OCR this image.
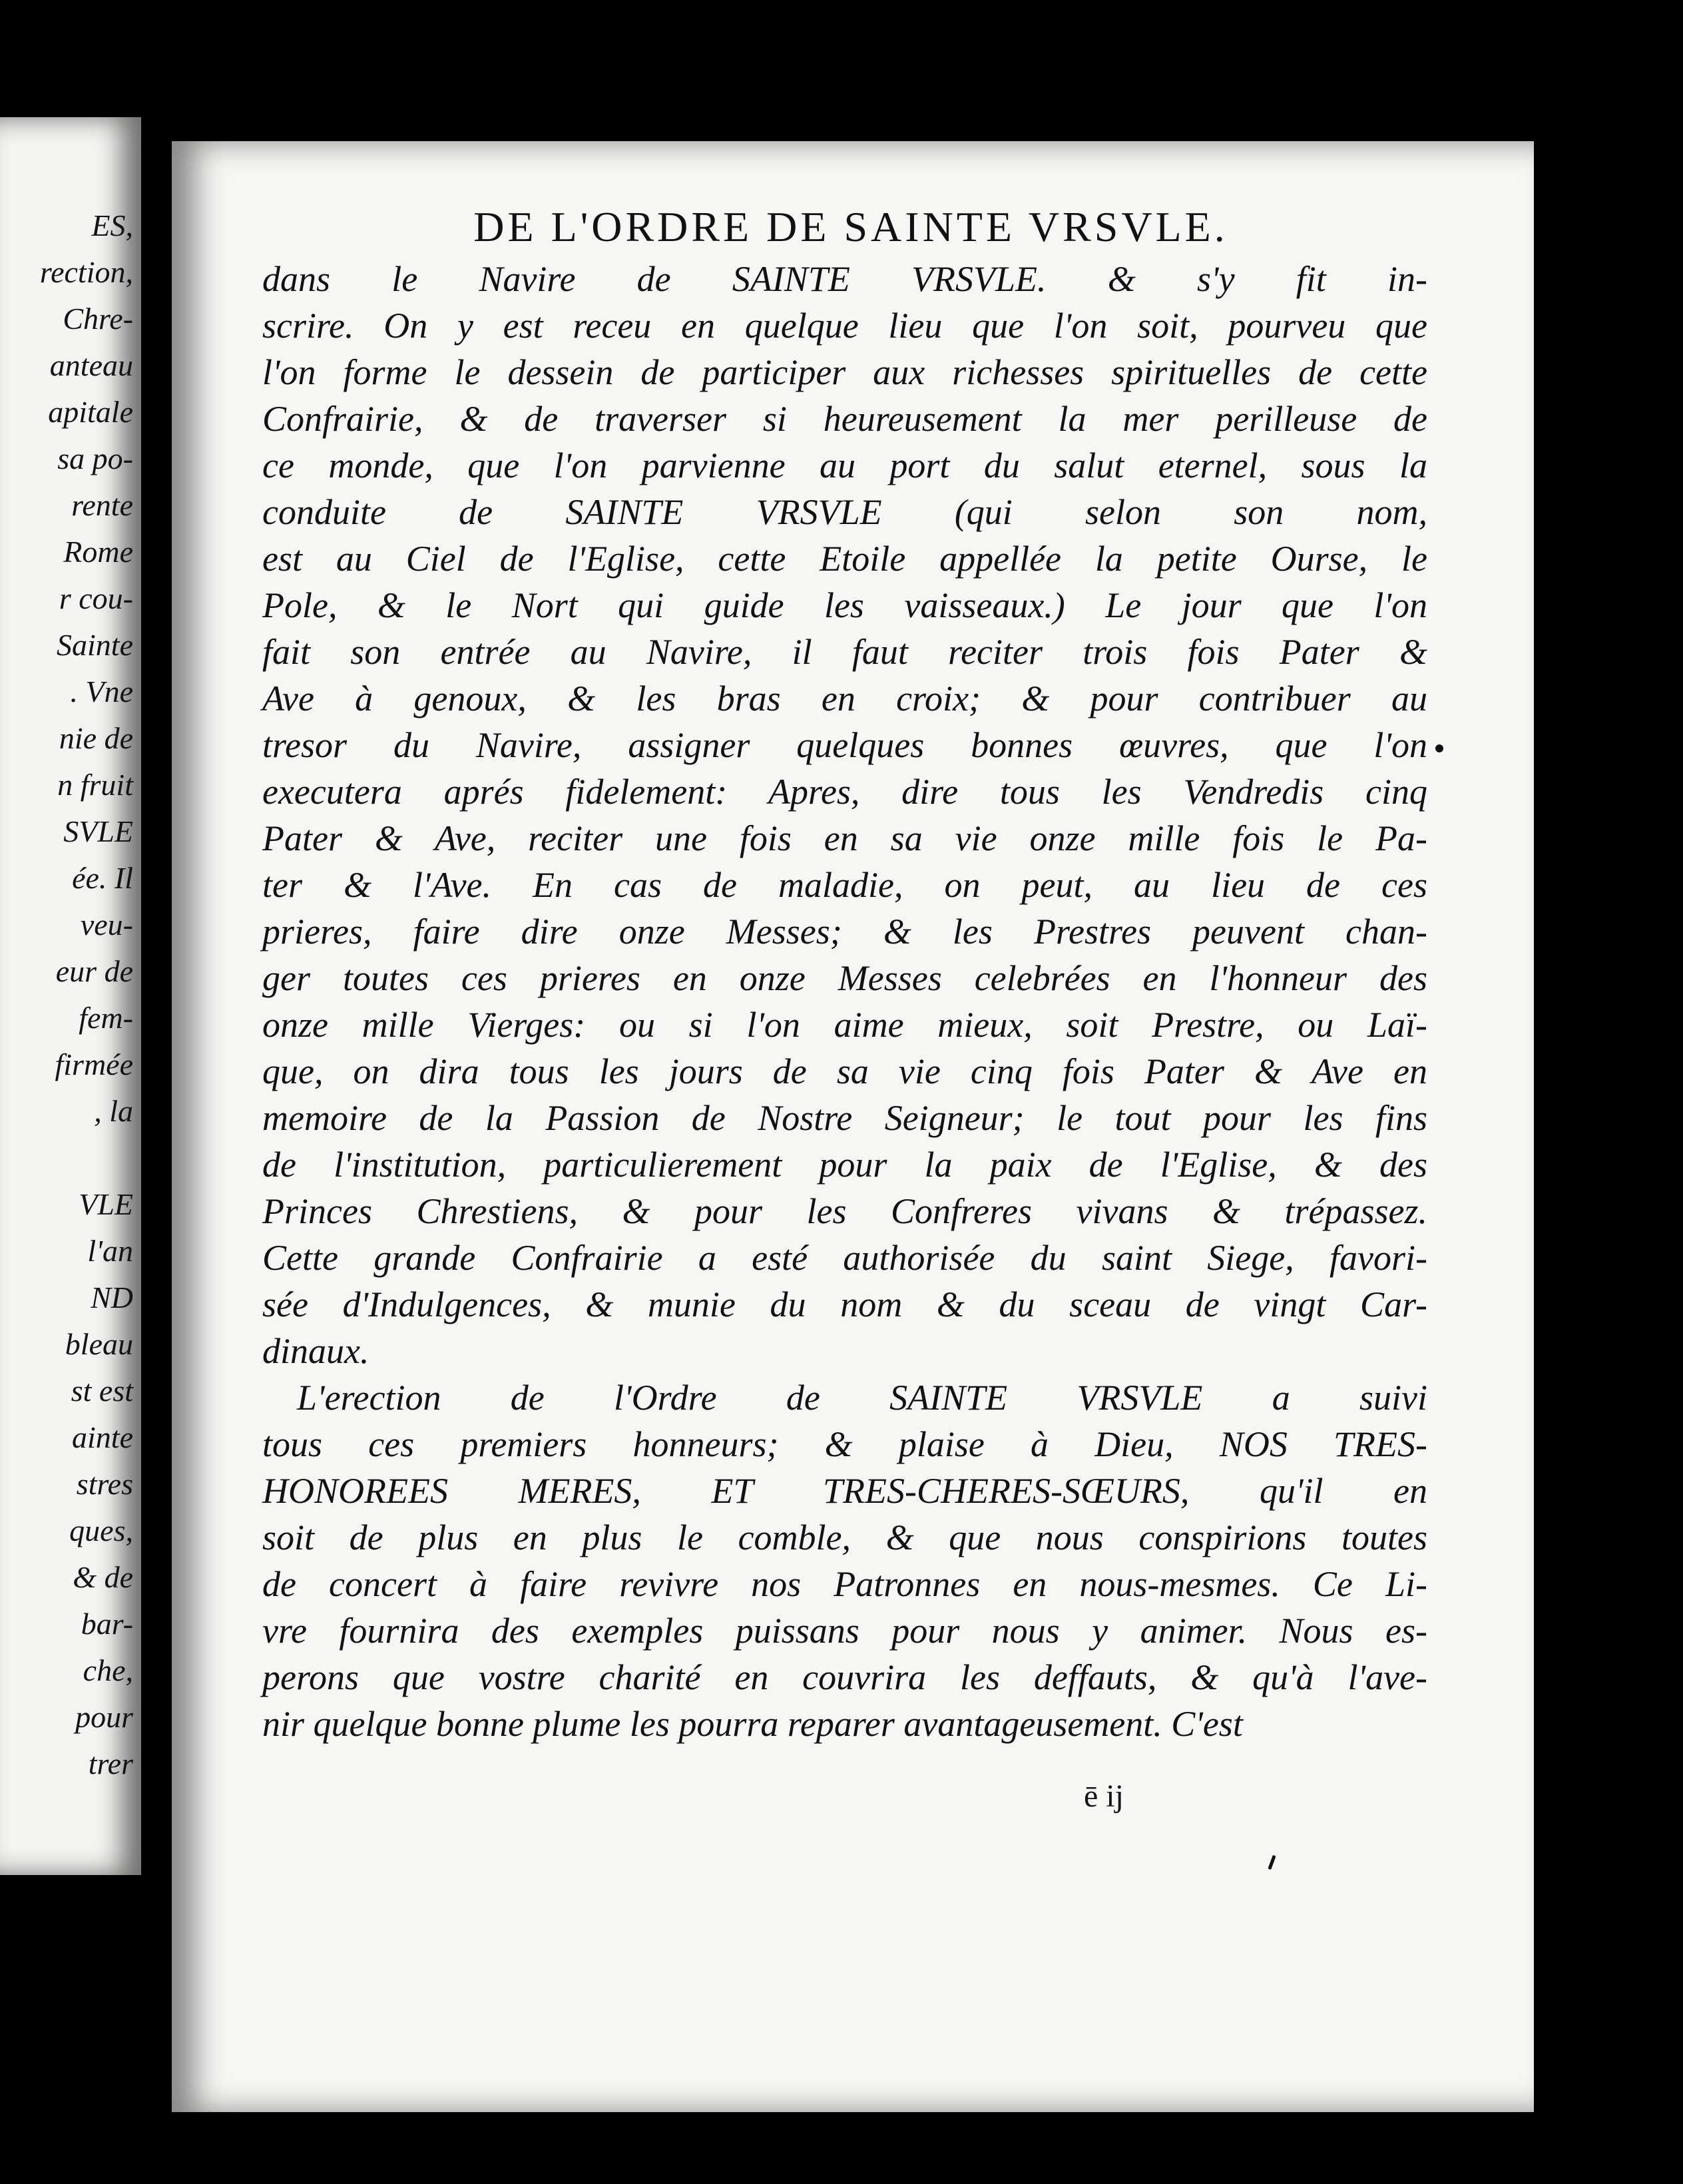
ES,
rection,
Chre-
anteau
apitale
sa po-
rente
Rome
r cou-
Sainte
. Vne
nie de
n fruit
SVLE
ée. Il
veu-
eur de
fem-
firmée
, la
VLE
l'an
ND
bleau
st est
ainte
stres
ques,
& de
bar-
che,
pour
trer
DE L'ORDRE DE SAINTE VRSVLE.
dans le Navire de SAINTE VRSVLE. & s'y fit in-
scrire. On y est receu en quelque lieu que l'on soit, pourveu que
l'on forme le dessein de participer aux richesses spirituelles de cette
Confrairie, & de traverser si heureusement la mer perilleuse de
ce monde, que l'on parvienne au port du salut eternel, sous la
conduite de SAINTE VRSVLE (qui selon son nom,
est au Ciel de l'Eglise, cette Etoile appellée la petite Ourse, le
Pole, & le Nort qui guide les vaisseaux.) Le jour que l'on
fait son entrée au Navire, il faut reciter trois fois Pater &
Ave à genoux, & les bras en croix; & pour contribuer au
tresor du Navire, assigner quelques bonnes œuvres, que l'on
executera aprés fidelement: Apres, dire tous les Vendredis cinq
Pater & Ave, reciter une fois en sa vie onze mille fois le Pa-
ter & l'Ave. En cas de maladie, on peut, au lieu de ces
prieres, faire dire onze Messes; & les Prestres peuvent chan-
ger toutes ces prieres en onze Messes celebrées en l'honneur des
onze mille Vierges: ou si l'on aime mieux, soit Prestre, ou Laï-
que, on dira tous les jours de sa vie cinq fois Pater & Ave en
memoire de la Passion de Nostre Seigneur; le tout pour les fins
de l'institution, particulierement pour la paix de l'Eglise, & des
Princes Chrestiens, & pour les Confreres vivans & trépassez.
Cette grande Confrairie a esté authorisée du saint Siege, favori-
sée d'Indulgences, & munie du nom & du sceau de vingt Car-
dinaux.
L'erection de l'Ordre de SAINTE VRSVLE a suivi
tous ces premiers honneurs; & plaise à Dieu, NOS TRES-
HONOREES MERES, ET TRES-CHERES-SŒURS, qu'il en
soit de plus en plus le comble, & que nous conspirions toutes
de concert à faire revivre nos Patronnes en nous-mesmes. Ce Li-
vre fournira des exemples puissans pour nous y animer. Nous es-
perons que vostre charité en couvrira les deffauts, & qu'à l'ave-
nir quelque bonne plume les pourra reparer avantageusement. C'est
ē ij
